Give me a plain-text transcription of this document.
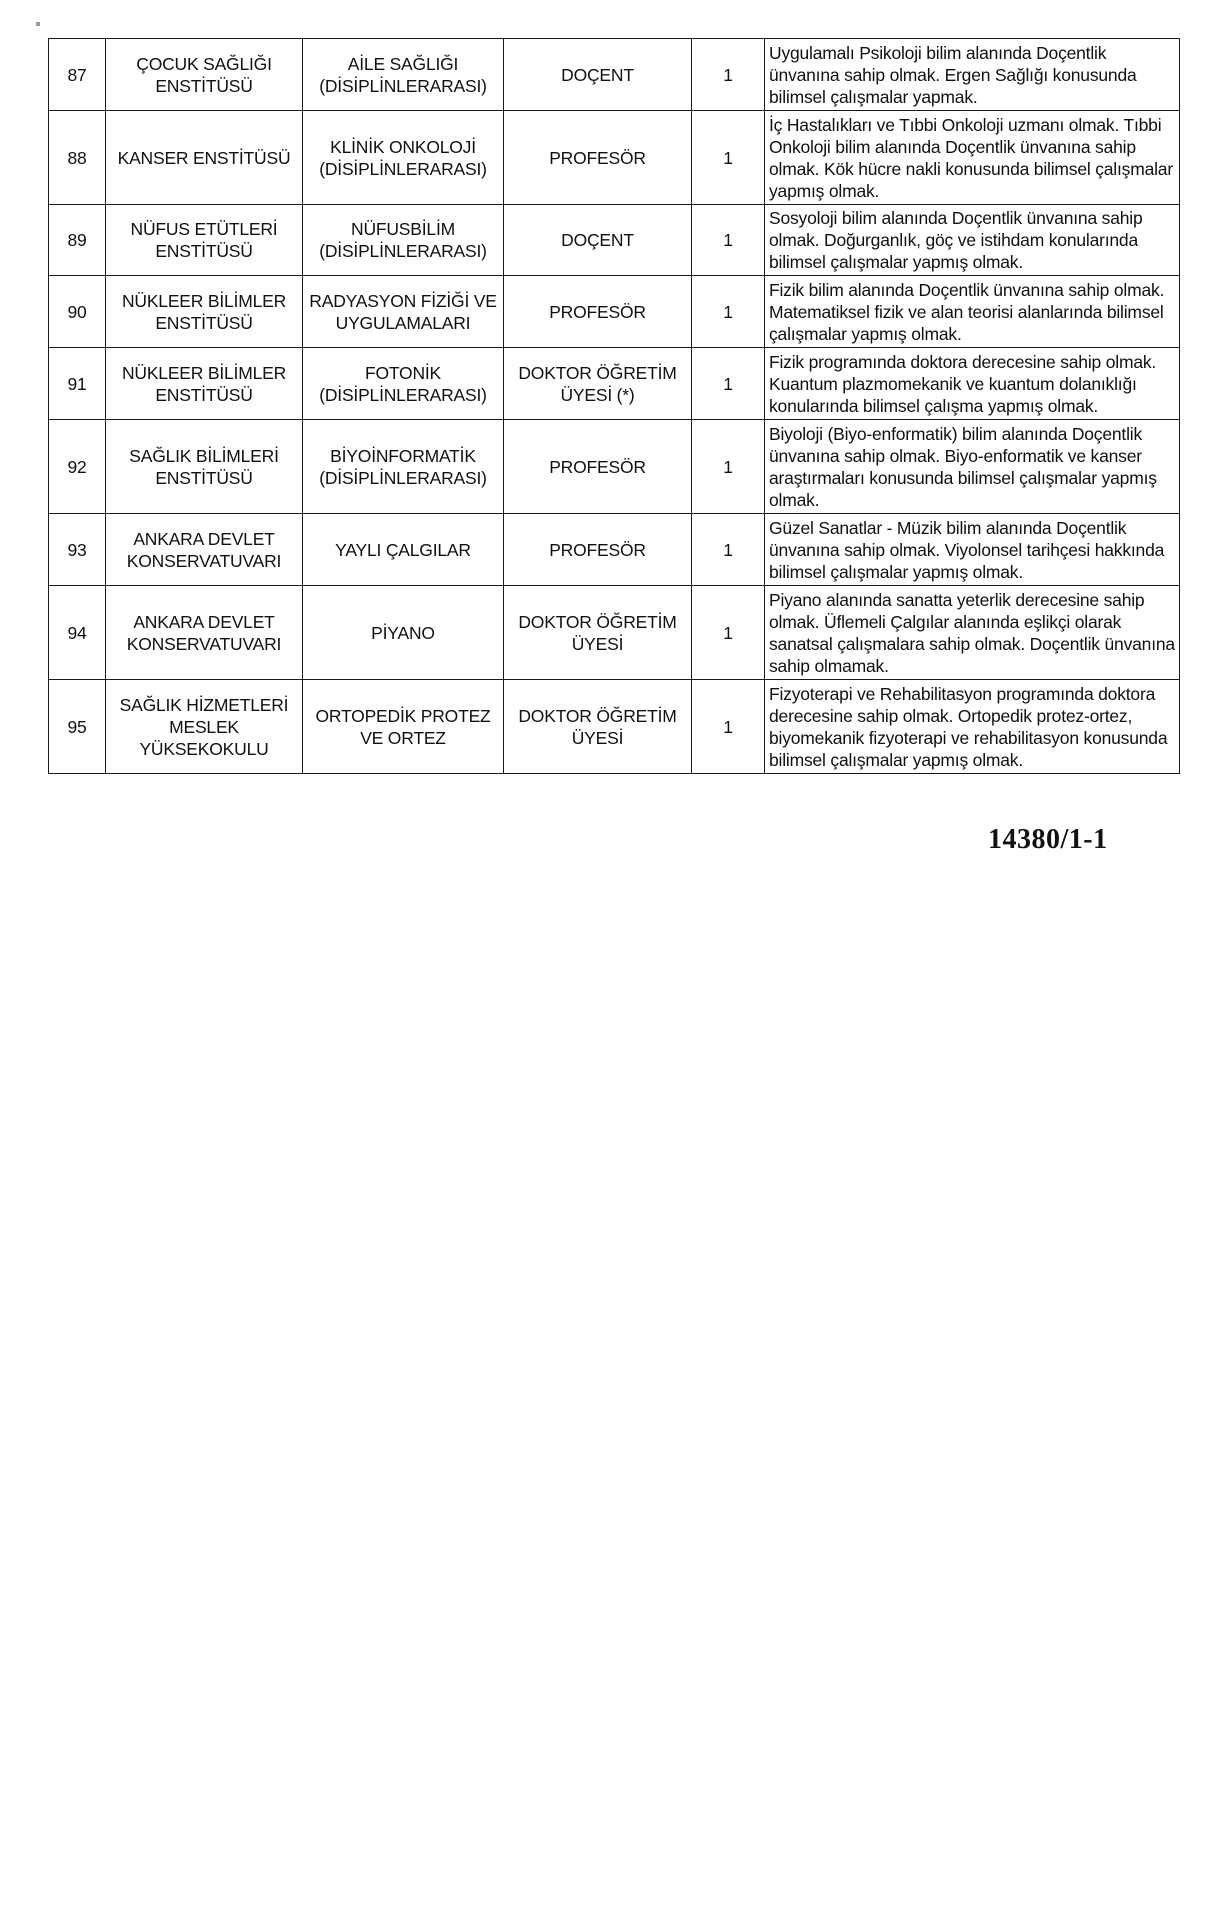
87	ÇOCUK SAĞLIĞI
ENSTİTÜSÜ	AİLE SAĞLIĞI
(DİSİPLİNLERARASI)	DOÇENT	1	Uygulamalı Psikoloji bilim alanında Doçentlik
ünvanına sahip olmak. Ergen Sağlığı konusunda
bilimsel çalışmalar yapmak.

88	KANSER ENSTİTÜSÜ	KLİNİK ONKOLOJİ
(DİSİPLİNLERARASI)	PROFESÖR	1	İç Hastalıkları ve Tıbbi Onkoloji uzmanı olmak. Tıbbi
Onkoloji bilim alanında Doçentlik ünvanına sahip
olmak. Kök hücre nakli konusunda bilimsel çalışmalar
yapmış olmak.

89	NÜFUS ETÜTLERİ
ENSTİTÜSÜ	NÜFUSBİLİM
(DİSİPLİNLERARASI)	DOÇENT	1	Sosyoloji bilim alanında Doçentlik ünvanına sahip
olmak. Doğurganlık, göç ve istihdam konularında
bilimsel çalışmalar yapmış olmak.

90	NÜKLEER BİLİMLER
ENSTİTÜSÜ	RADYASYON FİZİĞİ VE
UYGULAMALARI	PROFESÖR	1	Fizik bilim alanında Doçentlik ünvanına sahip olmak.
Matematiksel fizik ve alan teorisi alanlarında bilimsel
çalışmalar yapmış olmak.

91	NÜKLEER BİLİMLER
ENSTİTÜSÜ	FOTONİK
(DİSİPLİNLERARASI)	DOKTOR ÖĞRETİM
ÜYESİ (*)	1	Fizik programında doktora derecesine sahip olmak.
Kuantum plazmomekanik ve kuantum dolanıklığı
konularında bilimsel çalışma yapmış olmak.

92	SAĞLIK BİLİMLERİ
ENSTİTÜSÜ	BİYOİNFORMATİK
(DİSİPLİNLERARASI)	PROFESÖR	1	Biyoloji (Biyo-enformatik) bilim alanında Doçentlik
ünvanına sahip olmak. Biyo-enformatik ve kanser
araştırmaları konusunda bilimsel çalışmalar yapmış
olmak.

93	ANKARA DEVLET
KONSERVATUVARI	YAYLI ÇALGILAR	PROFESÖR	1	Güzel Sanatlar - Müzik bilim alanında Doçentlik
ünvanına sahip olmak. Viyolonsel tarihçesi hakkında
bilimsel çalışmalar yapmış olmak.

94	ANKARA DEVLET
KONSERVATUVARI	PİYANO	DOKTOR ÖĞRETİM
ÜYESİ	1	Piyano alanında sanatta yeterlik derecesine sahip
olmak. Üflemeli Çalgılar alanında eşlikçi olarak
sanatsal çalışmalara sahip olmak. Doçentlik ünvanına
sahip olmamak.

95	SAĞLIK HİZMETLERİ
MESLEK
YÜKSEKOKULU	ORTOPEDİK PROTEZ
VE ORTEZ	DOKTOR ÖĞRETİM
ÜYESİ	1	Fizyoterapi ve Rehabilitasyon programında doktora
derecesine sahip olmak. Ortopedik protez-ortez,
biyomekanik fizyoterapi ve rehabilitasyon konusunda
bilimsel çalışmalar yapmış olmak.
14380/1-1
